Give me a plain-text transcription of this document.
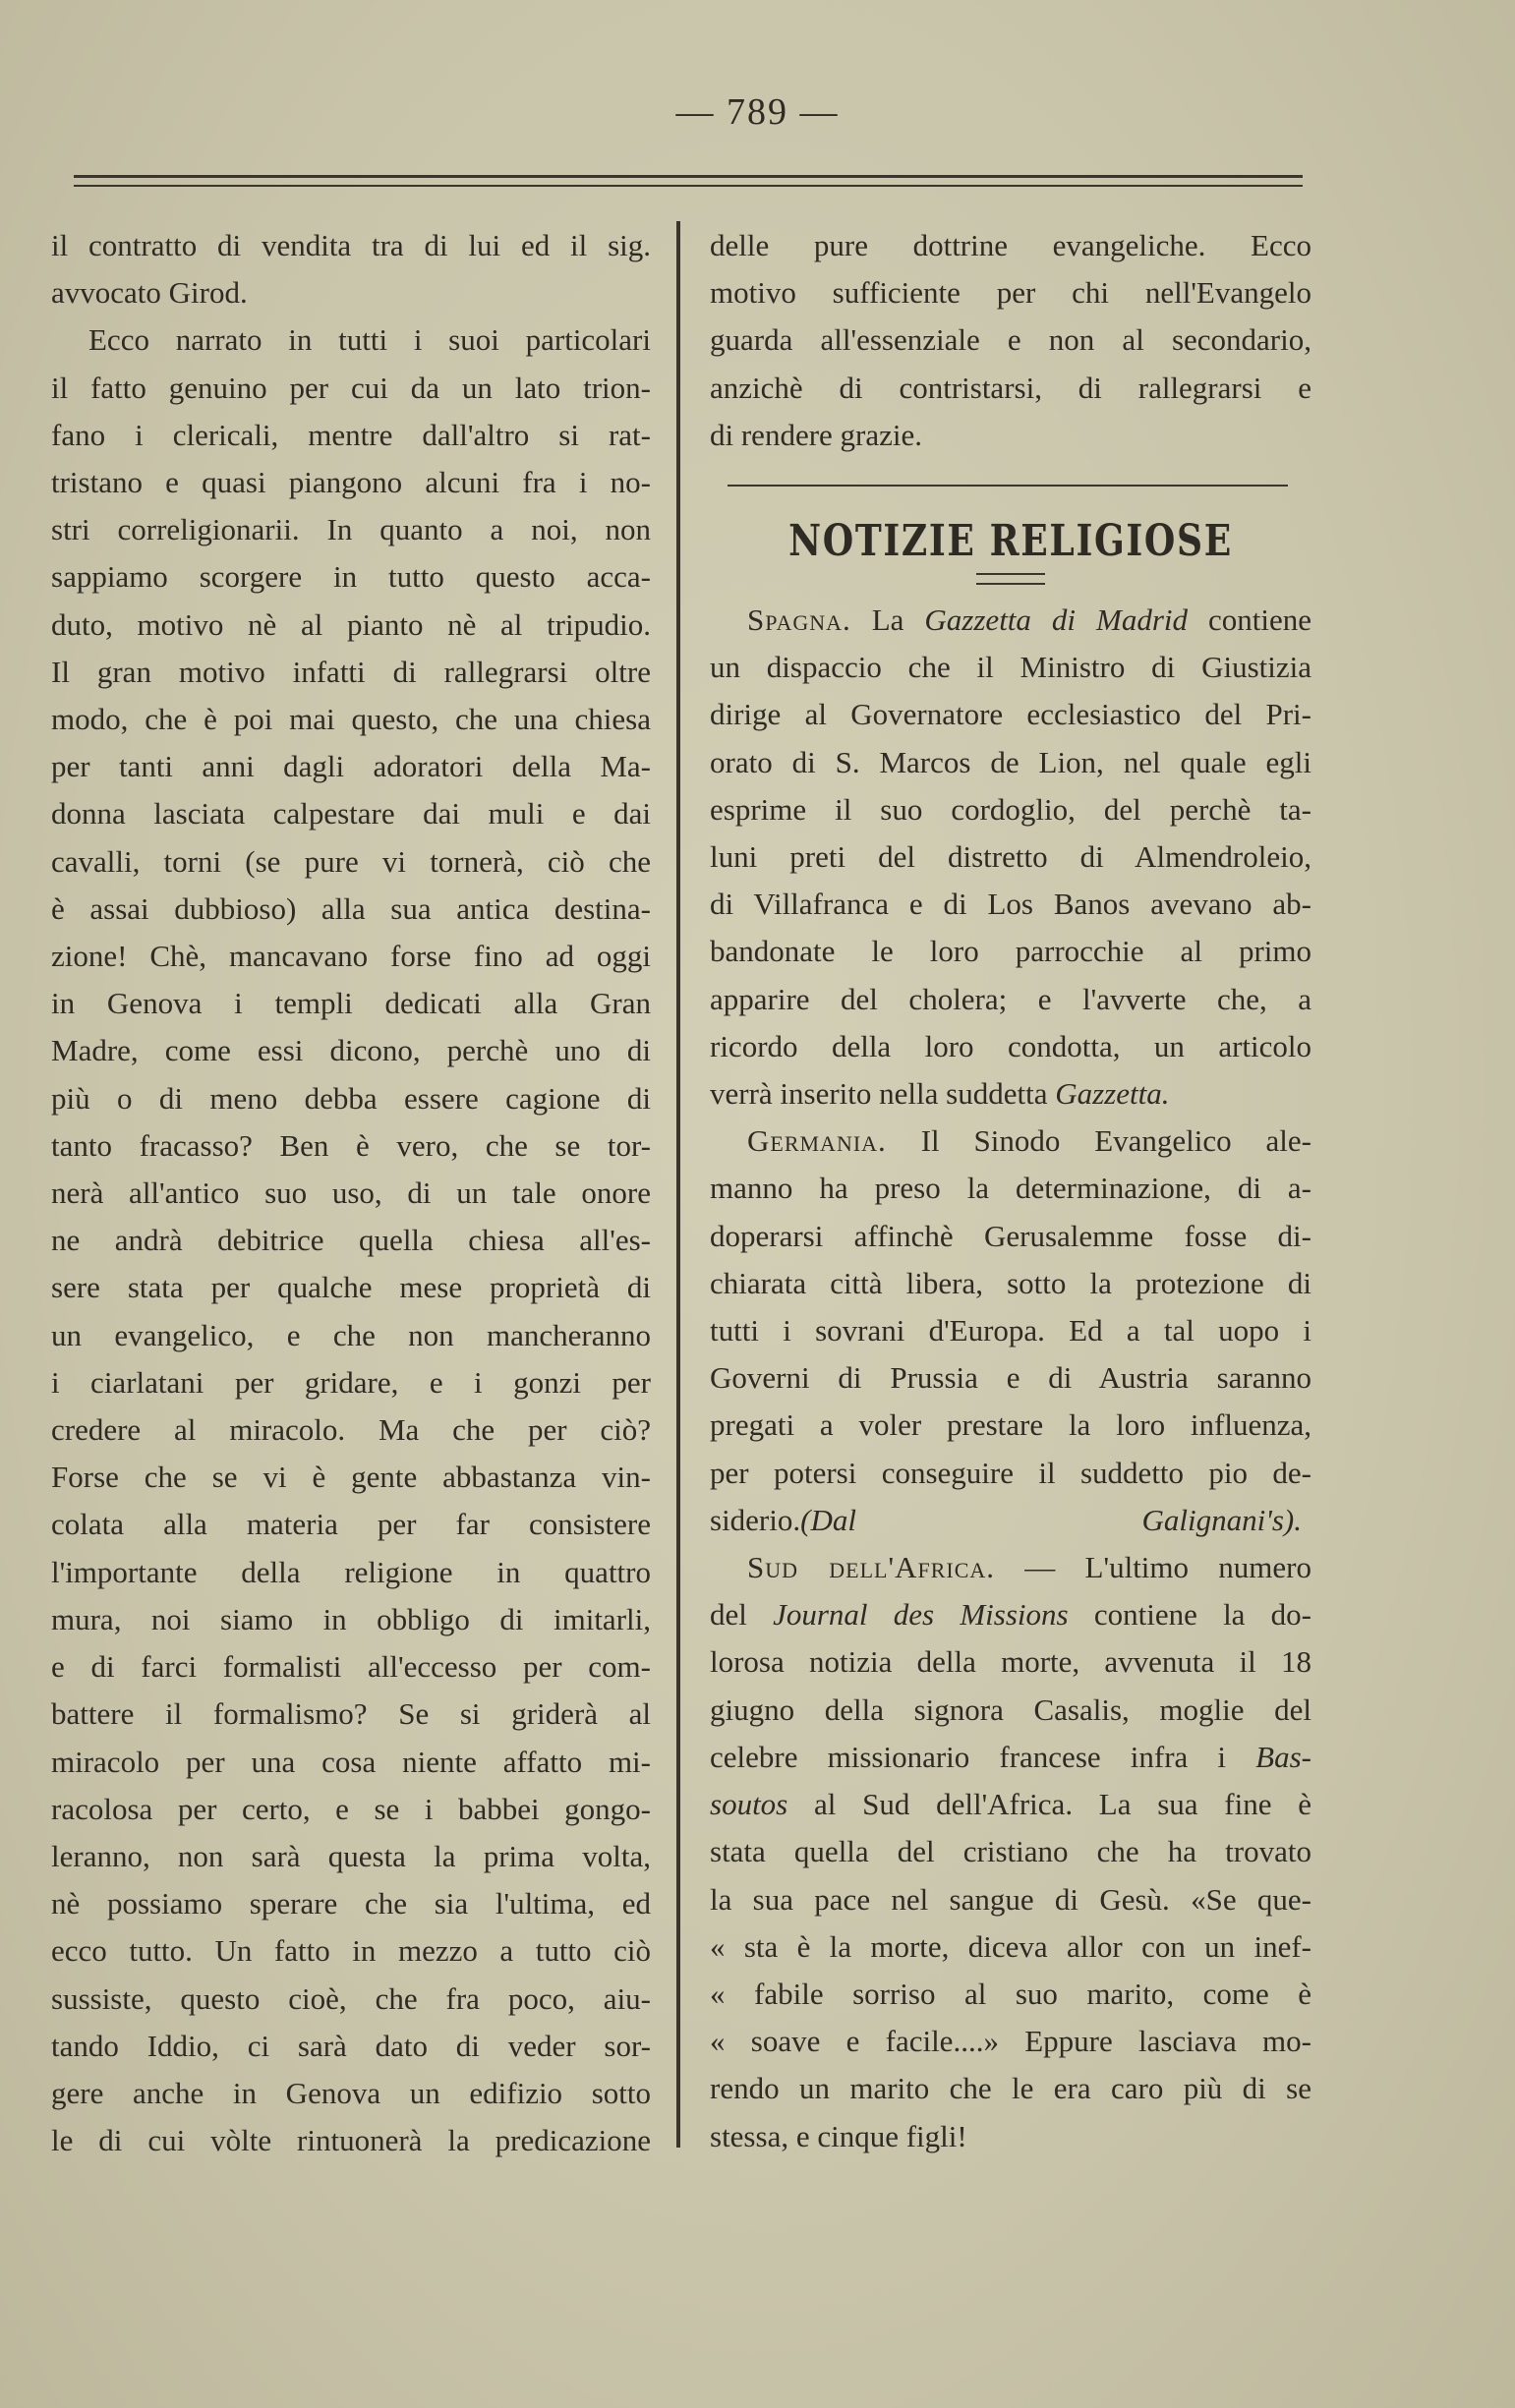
— 789 —
il contratto di vendita tra di lui ed il sig.
avvocato Girod.
Ecco narrato in tutti i suoi particolari
il fatto genuino per cui da un lato trion-
fano i clericali, mentre dall'altro si rat-
tristano e quasi piangono alcuni fra i no-
stri correligionarii. In quanto a noi, non
sappiamo scorgere in tutto questo acca-
duto, motivo nè al pianto nè al tripudio.
Il gran motivo infatti di rallegrarsi oltre
modo, che è poi mai questo, che una chiesa
per tanti anni dagli adoratori della Ma-
donna lasciata calpestare dai muli e dai
cavalli, torni (se pure vi tornerà, ciò che
è assai dubbioso) alla sua antica destina-
zione! Chè, mancavano forse fino ad oggi
in Genova i templi dedicati alla Gran
Madre, come essi dicono, perchè uno di
più o di meno debba essere cagione di
tanto fracasso? Ben è vero, che se tor-
nerà all'antico suo uso, di un tale onore
ne andrà debitrice quella chiesa all'es-
sere stata per qualche mese proprietà di
un evangelico, e che non mancheranno
i ciarlatani per gridare, e i gonzi per
credere al miracolo. Ma che per ciò?
Forse che se vi è gente abbastanza vin-
colata alla materia per far consistere
l'importante della religione in quattro
mura, noi siamo in obbligo di imitarli,
e di farci formalisti all'eccesso per com-
battere il formalismo? Se si griderà al
miracolo per una cosa niente affatto mi-
racolosa per certo, e se i babbei gongo-
leranno, non sarà questa la prima volta,
nè possiamo sperare che sia l'ultima, ed
ecco tutto. Un fatto in mezzo a tutto ciò
sussiste, questo cioè, che fra poco, aiu-
tando Iddio, ci sarà dato di veder sor-
gere anche in Genova un edifizio sotto
le di cui vòlte rintuonerà la predicazione
delle pure dottrine evangeliche. Ecco
motivo sufficiente per chi nell'Evangelo
guarda all'essenziale e non al secondario,
anzichè di contristarsi, di rallegrarsi e
di rendere grazie.
NOTIZIE RELIGIOSE
Spagna. La Gazzetta di Madrid contiene
un dispaccio che il Ministro di Giustizia
dirige al Governatore ecclesiastico del Pri-
orato di S. Marcos de Lion, nel quale egli
esprime il suo cordoglio, del perchè ta-
luni preti del distretto di Almendroleio,
di Villafranca e di Los Banos avevano ab-
bandonate le loro parrocchie al primo
apparire del cholera; e l'avverte che, a
ricordo della loro condotta, un articolo
verrà inserito nella suddetta Gazzetta.
Germania. Il Sinodo Evangelico ale-
manno ha preso la determinazione, di a-
doperarsi affinchè Gerusalemme fosse di-
chiarata città libera, sotto la protezione di
tutti i sovrani d'Europa. Ed a tal uopo i
Governi di Prussia e di Austria saranno
pregati a voler prestare la loro influenza,
per potersi conseguire il suddetto pio de-
siderio.(Dal Galignani's).
Sud dell'Africa. — L'ultimo numero
del Journal des Missions contiene la do-
lorosa notizia della morte, avvenuta il 18
giugno della signora Casalis, moglie del
celebre missionario francese infra i Bas-
soutos al Sud dell'Africa. La sua fine è
stata quella del cristiano che ha trovato
la sua pace nel sangue di Gesù. «Se que-
« sta è la morte, diceva allor con un inef-
« fabile sorriso al suo marito, come è
« soave e facile....» Eppure lasciava mo-
rendo un marito che le era caro più di se
stessa, e cinque figli!
